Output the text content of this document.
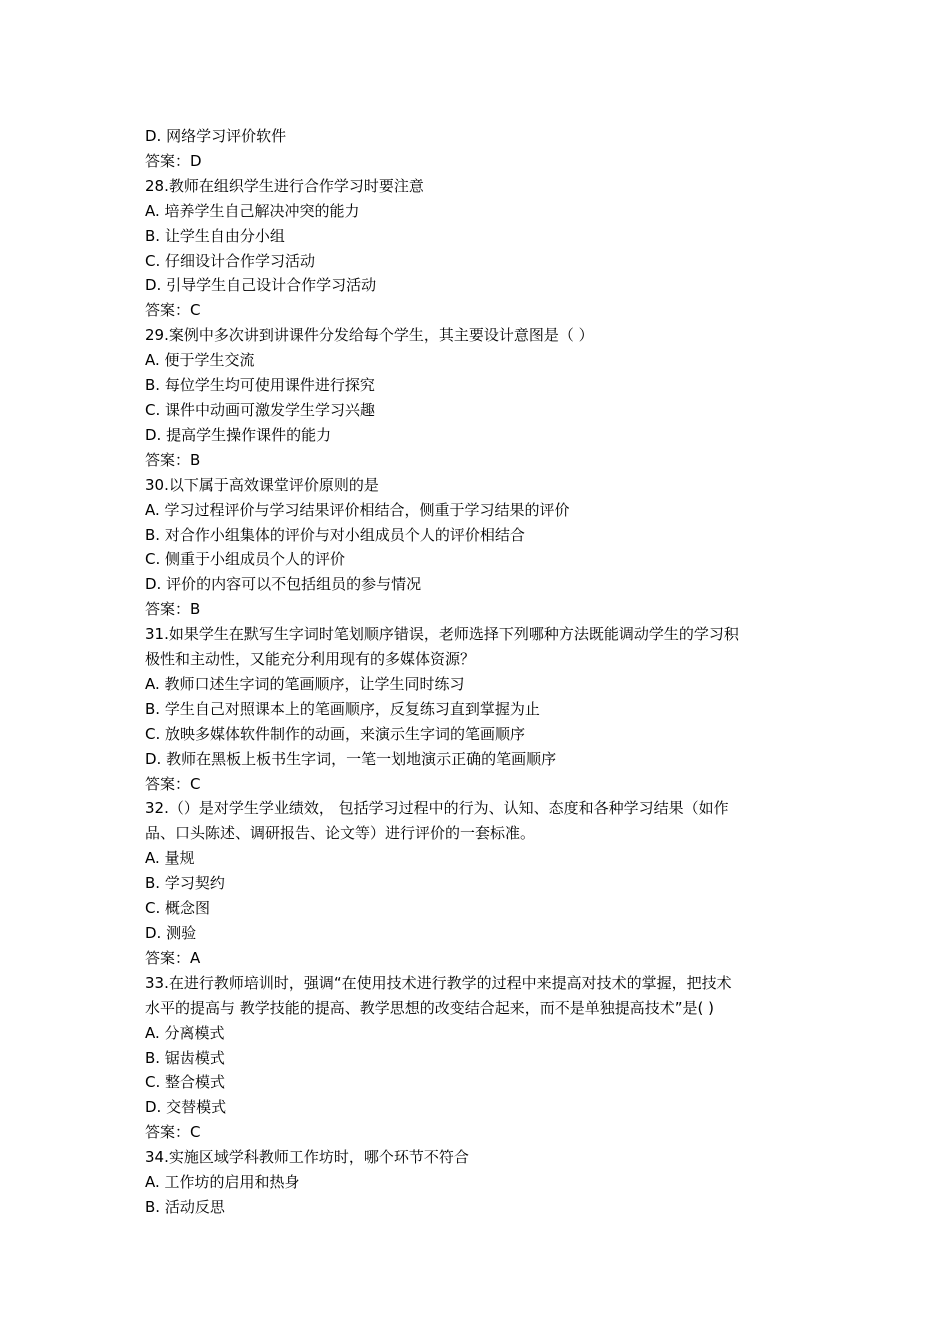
D. 网络学习评价软件
答案：D
28.教师在组织学生进行合作学习时要注意
A. 培养学生自己解决冲突的能力
B. 让学生自由分小组
C. 仔细设计合作学习活动
D. 引导学生自己设计合作学习活动
答案：C
29.案例中多次讲到讲课件分发给每个学生，其主要设计意图是（ ）
A. 便于学生交流
B. 每位学生均可使用课件进行探究
C. 课件中动画可激发学生学习兴趣
D. 提高学生操作课件的能力
答案：B
30.以下属于高效课堂评价原则的是
A. 学习过程评价与学习结果评价相结合，侧重于学习结果的评价
B. 对合作小组集体的评价与对小组成员个人的评价相结合
C. 侧重于小组成员个人的评价
D. 评价的内容可以不包括组员的参与情况
答案：B
31.如果学生在默写生字词时笔划顺序错误，老师选择下列哪种方法既能调动学生的学习积
极性和主动性，又能充分利用现有的多媒体资源？
A. 教师口述生字词的笔画顺序，让学生同时练习
B. 学生自己对照课本上的笔画顺序，反复练习直到掌握为止
C. 放映多媒体软件制作的动画，来演示生字词的笔画顺序
D. 教师在黑板上板书生字词，一笔一划地演示正确的笔画顺序
答案：C
32.（）是对学生学业绩效， 包括学习过程中的行为、认知、态度和各种学习结果（如作
品、口头陈述、调研报告、论文等）进行评价的一套标准。
A. 量规
B. 学习契约
C. 概念图
D. 测验
答案：A
33.在进行教师培训时，强调“在使用技术进行教学的过程中来提高对技术的掌握，把技术
水平的提高与 教学技能的提高、教学思想的改变结合起来，而不是单独提高技术”是( )
A. 分离模式
B. 锯齿模式
C. 整合模式
D. 交替模式
答案：C
34.实施区域学科教师工作坊时，哪个环节不符合
A. 工作坊的启用和热身
B. 活动反思
